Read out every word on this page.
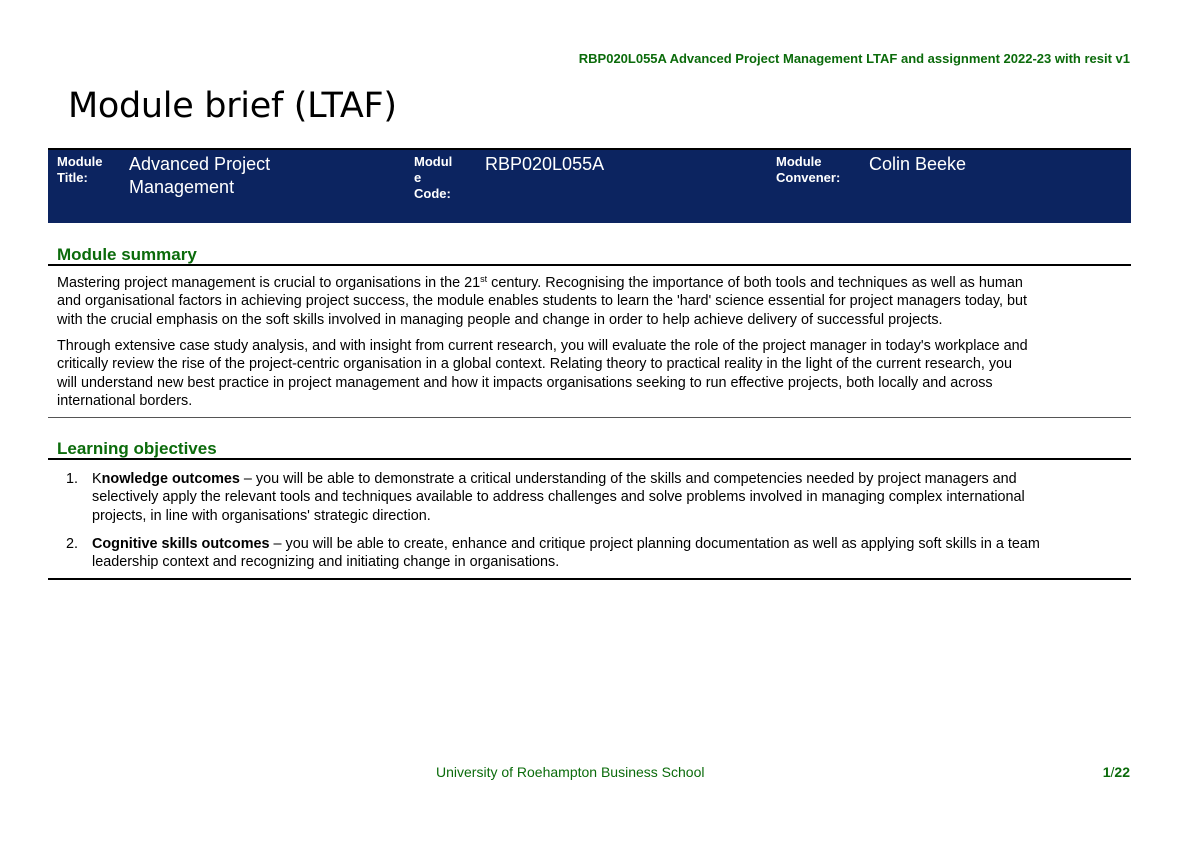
RBP020L055A Advanced Project Management LTAF and assignment 2022-23 with resit v1
Module brief (LTAF)
Module
Title:
Advanced Project
Management
Modul
e
Code:
RBP020L055A	Module
Convener:
Colin Beeke
Module summary

Mastering project management is crucial to organisations in the 21st century. Recognising the importance of both tools and techniques as well as human
and organisational factors in achieving project success, the module enables students to learn the 'hard' science essential for project managers today, but
with the crucial emphasis on the soft skills involved in managing people and change in order to help achieve delivery of successful projects.

Through extensive case study analysis, and with insight from current research, you will evaluate the role of the project manager in today's workplace and
critically review the rise of the project-centric organisation in a global context. Relating theory to practical reality in the light of the current research, you
will understand new best practice in project management and how it impacts organisations seeking to run effective projects, both locally and across
international borders.

Learning objectives
1. Knowledge outcomes – you will be able to demonstrate a critical understanding of the skills and competencies needed by project managers and
selectively apply the relevant tools and techniques available to address challenges and solve problems involved in managing complex international
projects, in line with organisations' strategic direction.
2. Cognitive skills outcomes – you will be able to create, enhance and critique project planning documentation as well as applying soft skills in a team
leadership context and recognizing and initiating change in organisations.
University of Roehampton Business School	1/22
